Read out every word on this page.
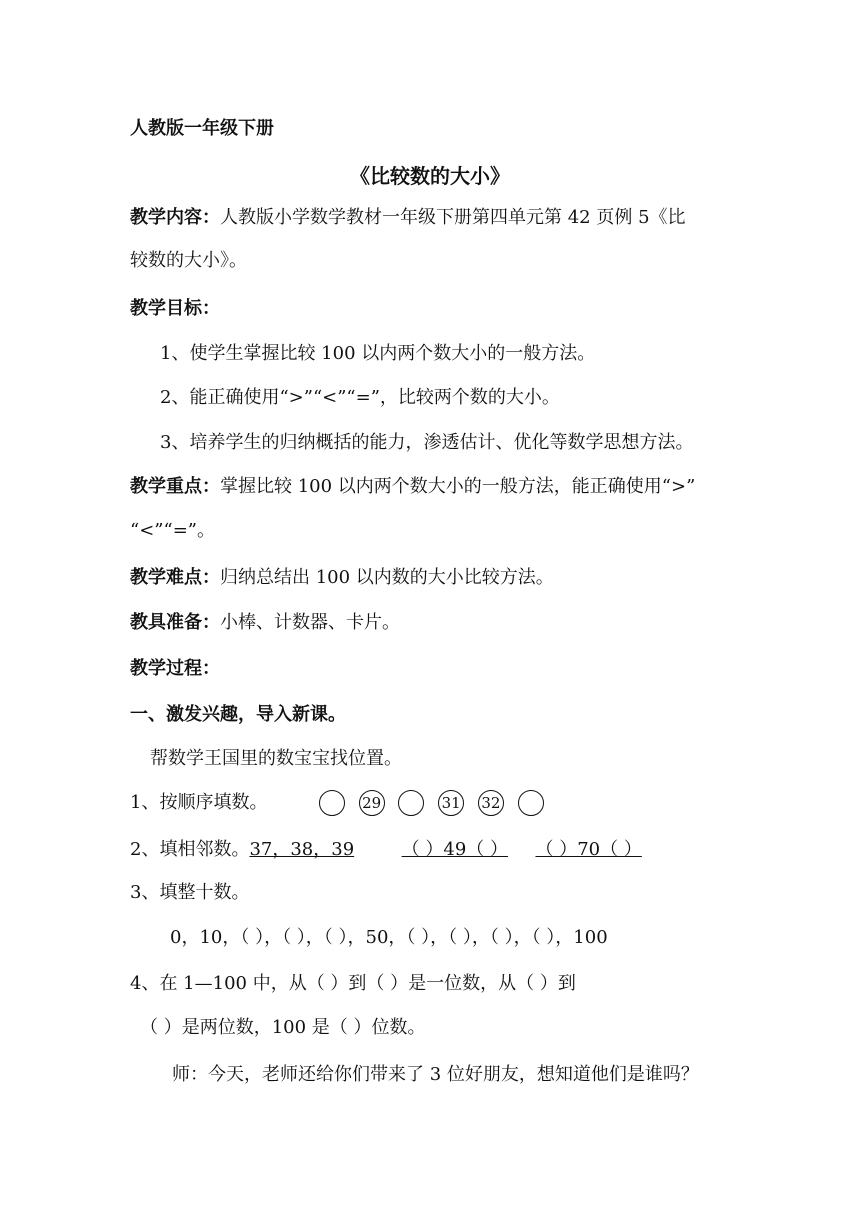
人教版一年级下册
《比较数的大小》
教学内容：人教版小学数学教材一年级下册第四单元第 42 页例 5《比
较数的大小》。
教学目标：
1、使学生掌握比较 100 以内两个数大小的一般方法。
2、能正确使用“>”“<”“=”，比较两个数的大小。
3、培养学生的归纳概括的能力，渗透估计、优化等数学思想方法。
教学重点：掌握比较 100 以内两个数大小的一般方法，能正确使用“>”
“<”“=”。
教学难点：归纳总结出 100 以内数的大小比较方法。
教具准备：小棒、计数器、卡片。
教学过程：
一、激发兴趣，导入新课。
帮数学王国里的数宝宝找位置。
1、按顺序填数。	29	31 32
2、填相邻数。37，38，39	（ ）49（ ） （ ）70（ ）
3、填整十数。
0，10，（ ），（ ），（ ），50，（ ），（ ），（ ），（ ），100
4、在 1—100 中，从（ ）到（ ）是一位数，从（ ）到
（ ）是两位数，100 是（ ）位数。
师：今天，老师还给你们带来了 3 位好朋友，想知道他们是谁吗？
